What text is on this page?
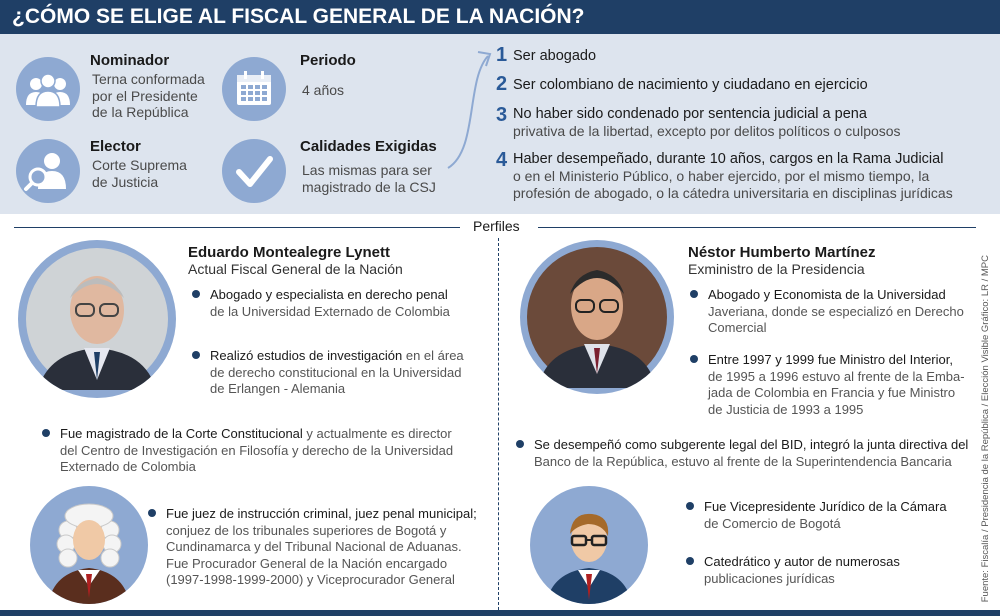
¿CÓMO SE ELIGE AL FISCAL GENERAL DE LA NACIÓN?
Nominador
Terna conformada
por el Presidente
de la República
Elector
Corte Suprema
de Justicia
Periodo
4 años
Calidades Exigidas
Las mismas para ser
magistrado de la CSJ
1 Ser abogado
2 Ser colombiano de nacimiento y ciudadano en ejercicio
3 No haber sido condenado por sentencia judicial a pena
privativa de la libertad, excepto por delitos políticos o culposos
4 Haber desempeñado, durante 10 años, cargos en la Rama Judicial
o en el Ministerio Público, o haber ejercido, por el mismo tiempo, la
profesión de abogado, o la cátedra universitaria en disciplinas jurídicas
Perfiles
Eduardo Montealegre Lynett
Actual Fiscal General de la Nación
Abogado y especialista en derecho penal
de la Universidad Externado de Colombia
Realizó estudios de investigación en el área
de derecho constitucional en la Universidad
de Erlangen - Alemania
Fue magistrado de la Corte Constitucional y actualmente es director
del Centro de Investigación en Filosofía y derecho de la Universidad
Externado de Colombia
Fue juez de instrucción criminal, juez penal municipal;
conjuez de los tribunales superiores de Bogotá y
Cundinamarca y del Tribunal Nacional de Aduanas.
Fue Procurador General de la Nación encargado
(1997-1998-1999-2000) y Viceprocurador General
Néstor Humberto Martínez
Exministro de la Presidencia
Abogado y Economista de la Universidad
Javeriana, donde se especializó en Derecho
Comercial
Entre 1997 y 1999 fue Ministro del Interior,
de 1995 a 1996 estuvo al frente de la Emba-
jada de Colombia en Francia y fue Ministro
de Justicia de 1993 a 1995
Se desempeñó como subgerente legal del BID, integró la junta directiva del
Banco de la República, estuvo al frente de la Superintendencia Bancaria
Fue Vicepresidente Jurídico de la Cámara
de Comercio de Bogotá
Catedrático y autor de numerosas
publicaciones jurídicas	Fuente: Fiscalía / Presidencia de la República / Elección Visible Gráfico: LR / MPC
